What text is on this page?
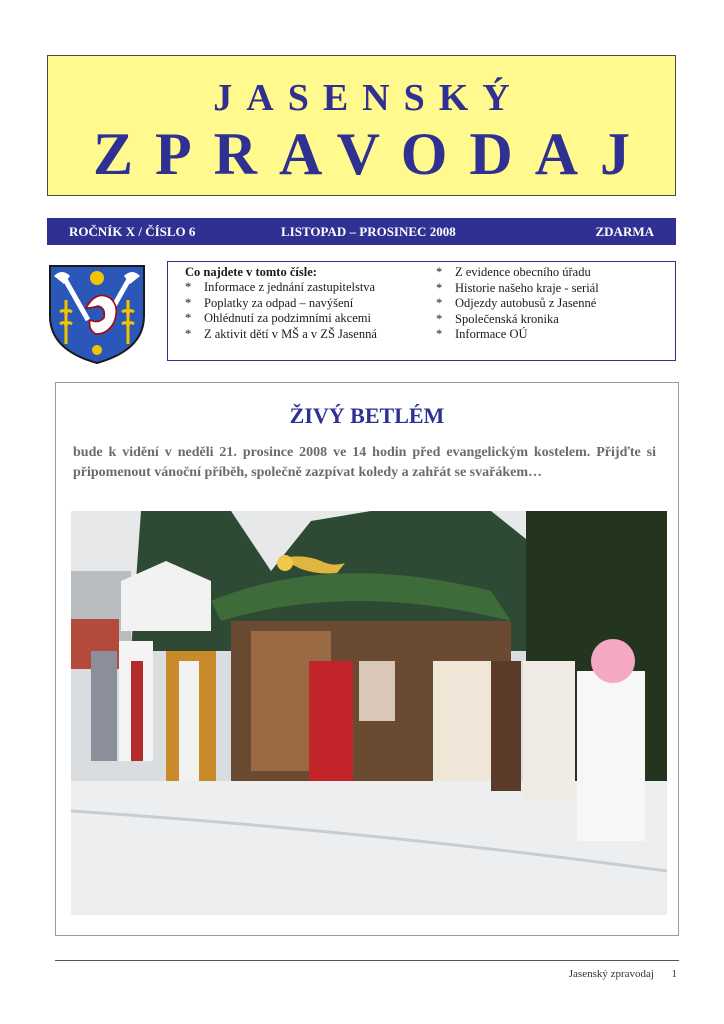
JASENSKÝ
ZPRAVODAJ
ROČNÍK X / ČÍSLO 6	LISTOPAD – PROSINEC 2008	ZDARMA
Co najdete v tomto čísle:
* Informace z jednání zastupitelstva
* Poplatky za odpad – navýšení
* Ohlédnutí za podzimními akcemi
* Z aktivit dětí v MŠ a v ZŠ Jasenná
* Z evidence obecního úřadu
* Historie našeho kraje - seriál
* Odjezdy autobusů z Jasenné
* Společenská kronika
* Informace OÚ
ŽIVÝ BETLÉM
bude k vidění v neděli 21. prosince 2008 ve 14 hodin před evangelickým kostelem. Přijďte si připomenout vánoční příběh, společně zazpívat koledy a zahřát se svařákem…
Jasenský zpravodaj 1
